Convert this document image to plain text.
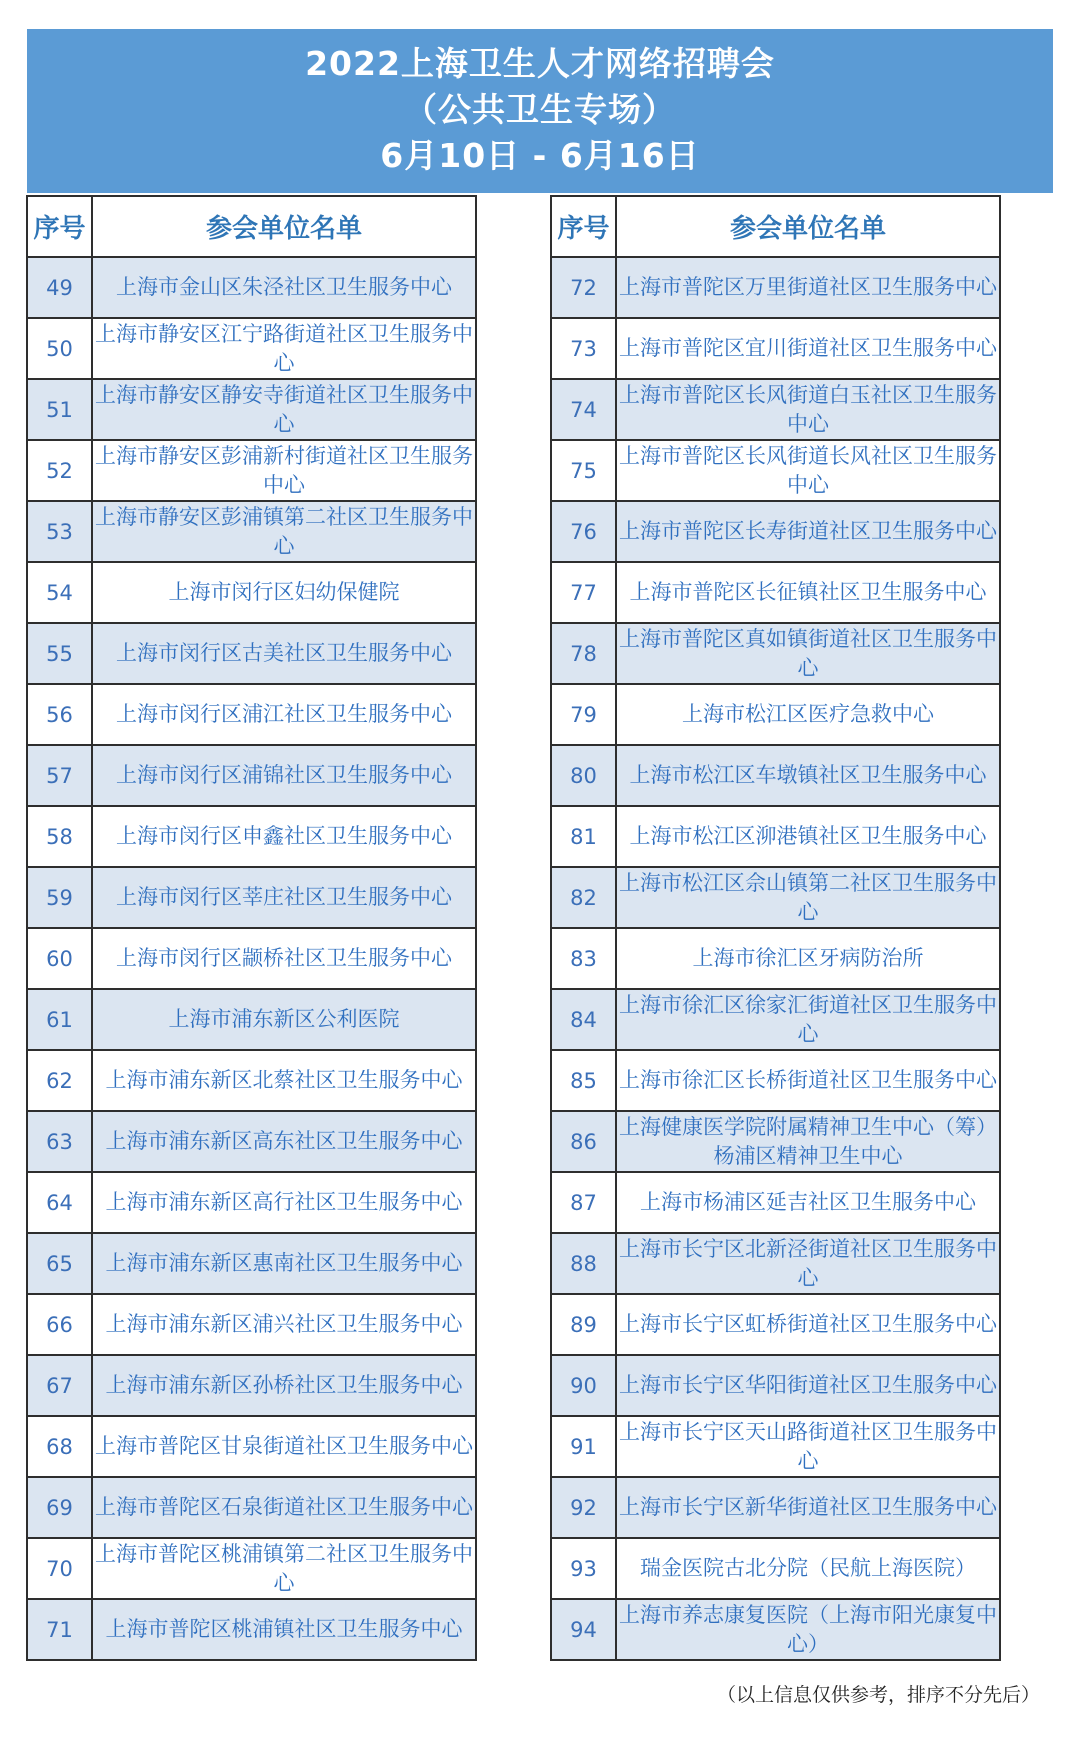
2022上海卫生人才网络招聘会
（公共卫生专场）
6月10日 - 6月16日
序号	参会单位名单
49	上海市金山区朱泾社区卫生服务中心
50	上海市静安区江宁路街道社区卫生服务中心
51	上海市静安区静安寺街道社区卫生服务中心
52	上海市静安区彭浦新村街道社区卫生服务中心
53	上海市静安区彭浦镇第二社区卫生服务中心
54	上海市闵行区妇幼保健院
55	上海市闵行区古美社区卫生服务中心
56	上海市闵行区浦江社区卫生服务中心
57	上海市闵行区浦锦社区卫生服务中心
58	上海市闵行区申鑫社区卫生服务中心
59	上海市闵行区莘庄社区卫生服务中心
60	上海市闵行区颛桥社区卫生服务中心
61	上海市浦东新区公利医院
62	上海市浦东新区北蔡社区卫生服务中心
63	上海市浦东新区高东社区卫生服务中心
64	上海市浦东新区高行社区卫生服务中心
65	上海市浦东新区惠南社区卫生服务中心
66	上海市浦东新区浦兴社区卫生服务中心
67	上海市浦东新区孙桥社区卫生服务中心
68	上海市普陀区甘泉街道社区卫生服务中心
69	上海市普陀区石泉街道社区卫生服务中心
70	上海市普陀区桃浦镇第二社区卫生服务中心
71	上海市普陀区桃浦镇社区卫生服务中心
序号	参会单位名单
72	上海市普陀区万里街道社区卫生服务中心
73	上海市普陀区宜川街道社区卫生服务中心
74	上海市普陀区长风街道白玉社区卫生服务中心
75	上海市普陀区长风街道长风社区卫生服务中心
76	上海市普陀区长寿街道社区卫生服务中心
77	上海市普陀区长征镇社区卫生服务中心
78	上海市普陀区真如镇街道社区卫生服务中心
79	上海市松江区医疗急救中心
80	上海市松江区车墩镇社区卫生服务中心
81	上海市松江区泖港镇社区卫生服务中心
82	上海市松江区佘山镇第二社区卫生服务中心
83	上海市徐汇区牙病防治所
84	上海市徐汇区徐家汇街道社区卫生服务中心
85	上海市徐汇区长桥街道社区卫生服务中心
86	上海健康医学院附属精神卫生中心（筹）
杨浦区精神卫生中心

87	上海市杨浦区延吉社区卫生服务中心
88	上海市长宁区北新泾街道社区卫生服务中心
89	上海市长宁区虹桥街道社区卫生服务中心
90	上海市长宁区华阳街道社区卫生服务中心
91	上海市长宁区天山路街道社区卫生服务中心
92	上海市长宁区新华街道社区卫生服务中心
93	瑞金医院古北分院（民航上海医院）
94	上海市养志康复医院（上海市阳光康复中心）
（以上信息仅供参考，排序不分先后）
